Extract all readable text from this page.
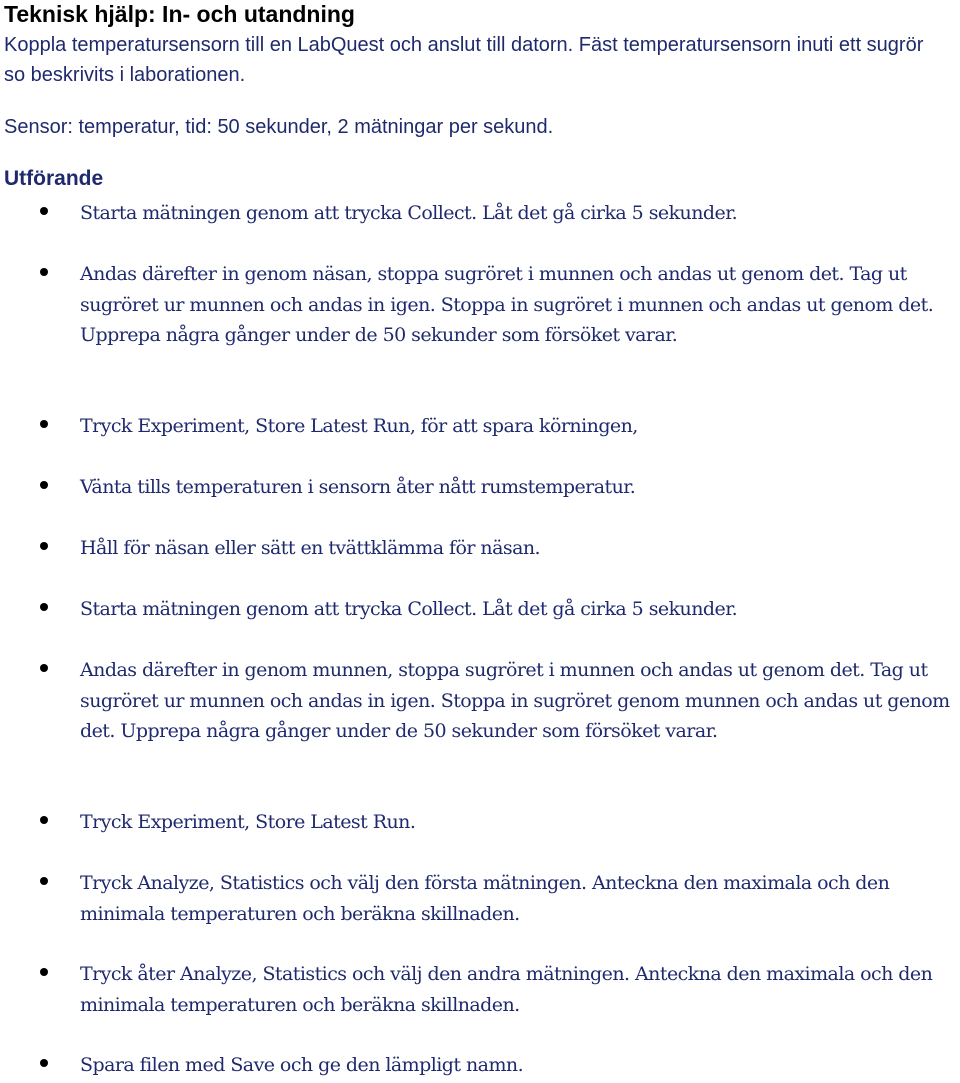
Teknisk hjälp: In- och utandning

Koppla temperatursensorn till en LabQuest och anslut till datorn. Fäst temperatursensorn inuti ett sugrör so beskrivits i laborationen.

Sensor: temperatur, tid: 50 sekunder, 2 mätningar per sekund.

Utförande
Starta mätningen genom att trycka Collect. Låt det gå cirka 5 sekunder.
Andas därefter in genom näsan, stoppa sugröret i munnen och andas ut genom det. Tag ut sugröret ur munnen och andas in igen. Stoppa in sugröret i munnen och andas ut genom det. Upprepa några gånger under de 50 sekunder som försöket varar.
Tryck Experiment, Store Latest Run, för att spara körningen,
Vänta tills temperaturen i sensorn åter nått rumstemperatur.
Håll för näsan eller sätt en tvättklämma för näsan.
Starta mätningen genom att trycka Collect. Låt det gå cirka 5 sekunder.
Andas därefter in genom munnen, stoppa sugröret i munnen och andas ut genom det. Tag ut sugröret ur munnen och andas in igen. Stoppa in sugröret genom munnen och andas ut genom det. Upprepa några gånger under de 50 sekunder som försöket varar.
Tryck Experiment, Store Latest Run.
Tryck Analyze, Statistics och välj den första mätningen. Anteckna den maximala och den minimala temperaturen och beräkna skillnaden.
Tryck åter Analyze, Statistics och välj den andra mätningen. Anteckna den maximala och den minimala temperaturen och beräkna skillnaden.
Spara filen med Save och ge den lämpligt namn.
